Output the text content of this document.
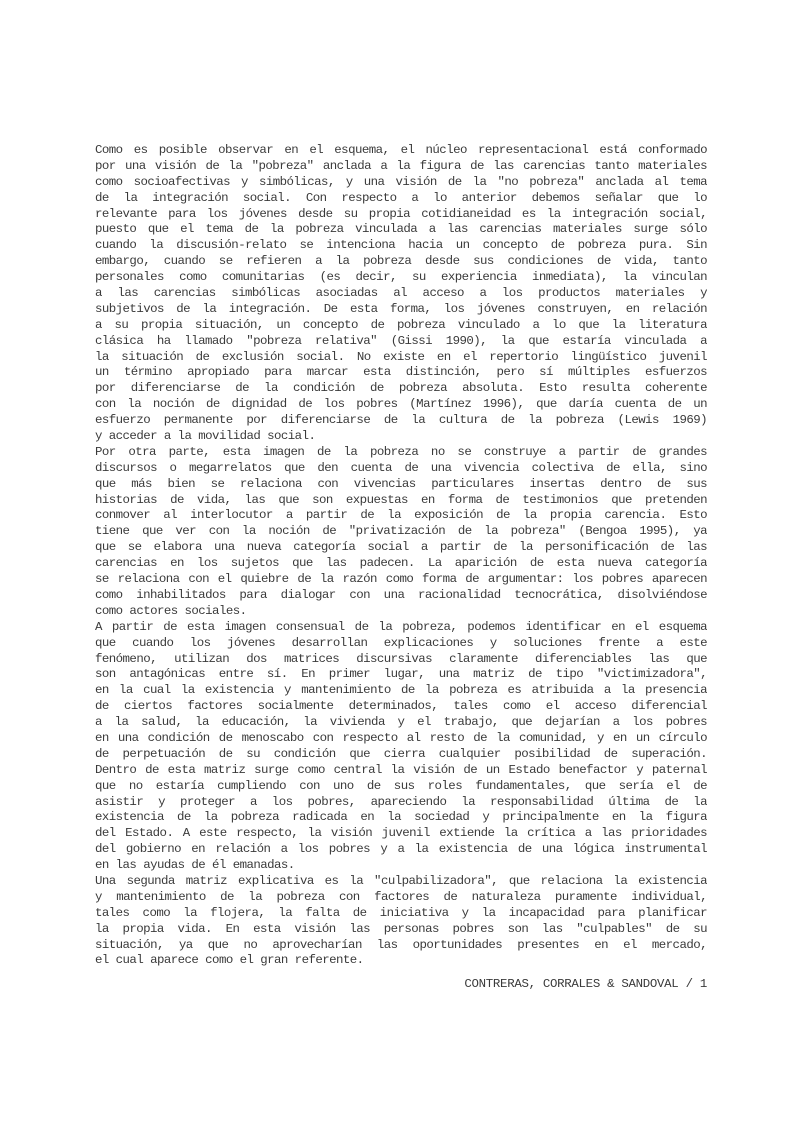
Como es posible observar en el esquema, el núcleo representacional está conformado
por una visión de la "pobreza" anclada a la figura de las carencias tanto materiales
como socioafectivas y simbólicas, y una visión de la "no pobreza" anclada al tema
de la integración social. Con respecto a lo anterior debemos señalar que lo
relevante para los jóvenes desde su propia cotidianeidad es la integración social,
puesto que el tema de la pobreza vinculada a las carencias materiales surge sólo
cuando la discusión-relato se intenciona hacia un concepto de pobreza pura. Sin
embargo, cuando se refieren a la pobreza desde sus condiciones de vida, tanto
personales como comunitarias (es decir, su experiencia inmediata), la vinculan
a las carencias simbólicas asociadas al acceso a los productos materiales y
subjetivos de la integración. De esta forma, los jóvenes construyen, en relación
a su propia situación, un concepto de pobreza vinculado a lo que la literatura
clásica ha llamado "pobreza relativa" (Gissi 1990), la que estaría vinculada a
la situación de exclusión social. No existe en el repertorio lingüístico juvenil
un término apropiado para marcar esta distinción, pero sí múltiples esfuerzos
por diferenciarse de la condición de pobreza absoluta. Esto resulta coherente
con la noción de dignidad de los pobres (Martínez 1996), que daría cuenta de un
esfuerzo permanente por diferenciarse de la cultura de la pobreza (Lewis 1969)
y acceder a la movilidad social.
Por otra parte, esta imagen de la pobreza no se construye a partir de grandes
discursos o megarrelatos que den cuenta de una vivencia colectiva de ella, sino
que más bien se relaciona con vivencias particulares insertas dentro de sus
historias de vida, las que son expuestas en forma de testimonios que pretenden
conmover al interlocutor a partir de la exposición de la propia carencia. Esto
tiene que ver con la noción de "privatización de la pobreza" (Bengoa 1995), ya
que se elabora una nueva categoría social a partir de la personificación de las
carencias en los sujetos que las padecen. La aparición de esta nueva categoría
se relaciona con el quiebre de la razón como forma de argumentar: los pobres aparecen
como inhabilitados para dialogar con una racionalidad tecnocrática, disolviéndose
como actores sociales.
A partir de esta imagen consensual de la pobreza, podemos identificar en el esquema
que cuando los jóvenes desarrollan explicaciones y soluciones frente a este
fenómeno, utilizan dos matrices discursivas claramente diferenciables las que
son antagónicas entre sí. En primer lugar, una matriz de tipo "victimizadora",
en la cual la existencia y mantenimiento de la pobreza es atribuida a la presencia
de ciertos factores socialmente determinados, tales como el acceso diferencial
a la salud, la educación, la vivienda y el trabajo, que dejarían a los pobres
en una condición de menoscabo con respecto al resto de la comunidad, y en un círculo
de perpetuación de su condición que cierra cualquier posibilidad de superación.
Dentro de esta matriz surge como central la visión de un Estado benefactor y paternal
que no estaría cumpliendo con uno de sus roles fundamentales, que sería el de
asistir y proteger a los pobres, apareciendo la responsabilidad última de la
existencia de la pobreza radicada en la sociedad y principalmente en la figura
del Estado. A este respecto, la visión juvenil extiende la crítica a las prioridades
del gobierno en relación a los pobres y a la existencia de una lógica instrumental
en las ayudas de él emanadas.
Una segunda matriz explicativa es la "culpabilizadora", que relaciona la existencia
y mantenimiento de la pobreza con factores de naturaleza puramente individual,
tales como la flojera, la falta de iniciativa y la incapacidad para planificar
la propia vida. En esta visión las personas pobres son las "culpables" de su
situación, ya que no aprovecharían las oportunidades presentes en el mercado,
el cual aparece como el gran referente.
CONTRERAS, CORRALES & SANDOVAL / 1
